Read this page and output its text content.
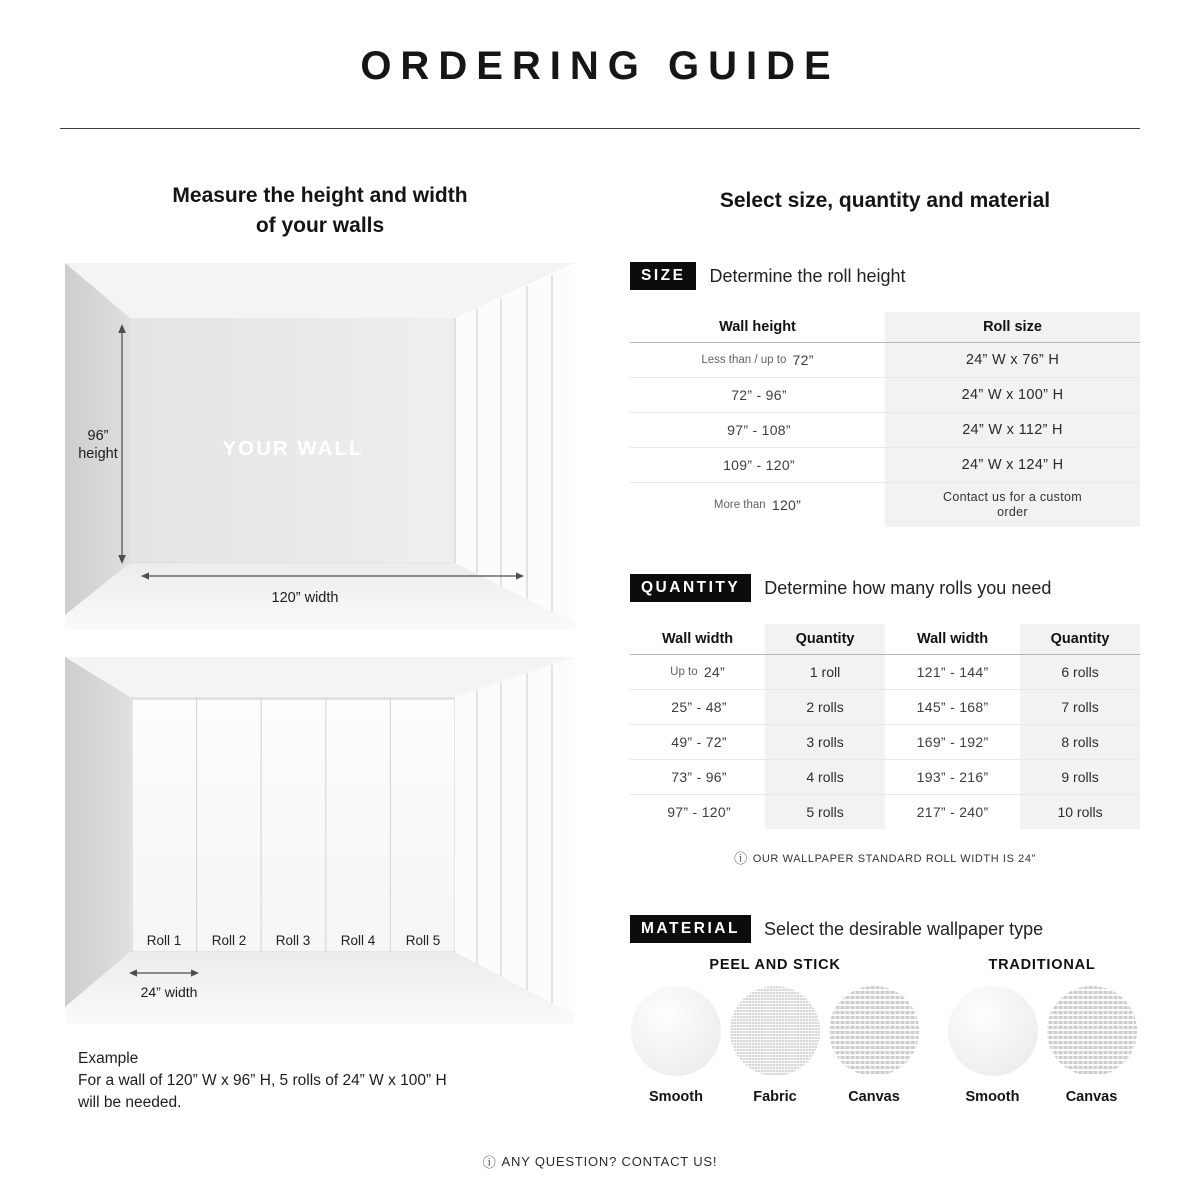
ORDERING GUIDE
Measure the height and width
of your walls
96”
height	YOUR WALL
120” width
Roll 1 Roll 2 Roll 3 Roll 4 Roll 5
24” width
Example
For a wall of 120” W x 96” H, 5 rolls of 24” W x 100” H
will be needed.
Select size, quantity and material
SIZE	Determine the roll height
Wall height	Roll size
Less than / up to 72”	24” W x 76” H
72” - 96”	24” W x 100” H
97” - 108”	24” W x 112” H
109” - 120”	24” W x 124” H
More than 120”	Contact us for a custom order
QUANTITY	Determine how many rolls you need
Wall width	Quantity	Wall width	Quantity
Up to 24”	1 roll	121” - 144”	6 rolls
25” - 48”	2 rolls	145” - 168”	7 rolls
49” - 72”	3 rolls	169” - 192”	8 rolls
73” - 96”	4 rolls	193” - 216”	9 rolls
97” - 120”	5 rolls	217” - 240”	10 rolls
ⓘ OUR WALLPAPER STANDARD ROLL WIDTH IS 24”
MATERIAL	Select the desirable wallpaper type
PEEL AND STICK
Smooth	Fabric	Canvas
TRADITIONAL
Smooth	Canvas
ⓘ ANY QUESTION? CONTACT US!
